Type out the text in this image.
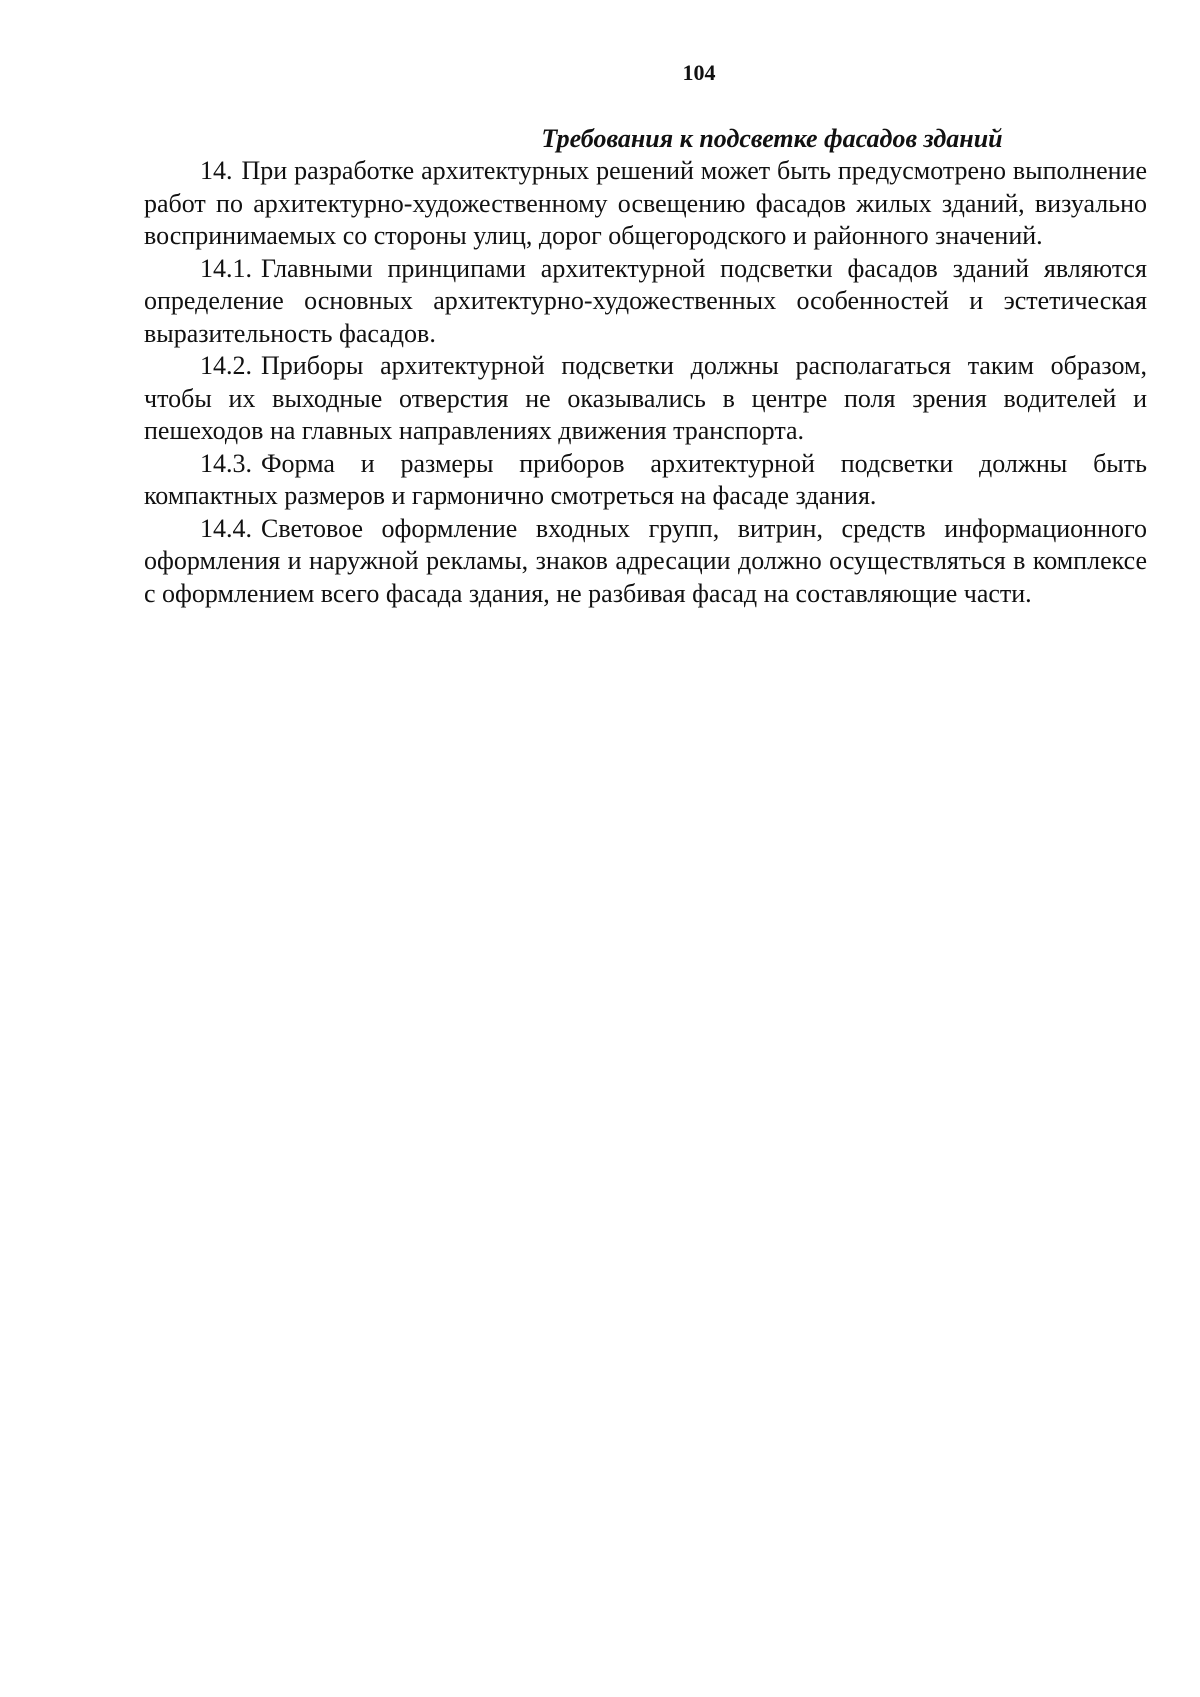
104
Требования к подсветке фасадов зданий

14. При разработке архитектурных решений может быть предусмотрено выполнение работ по архитектурно-художественному освещению фасадов жилых зданий, визуально воспринимаемых со стороны улиц, дорог общегородского и районного значений.

14.1. Главными принципами архитектурной подсветки фасадов зданий являются определение основных архитектурно-художественных особенностей и эстетическая выразительность фасадов.

14.2. Приборы архитектурной подсветки должны располагаться таким образом, чтобы их выходные отверстия не оказывались в центре поля зрения водителей и пешеходов на главных направлениях движения транспорта.

14.3. Форма и размеры приборов архитектурной подсветки должны быть компактных размеров и гармонично смотреться на фасаде здания.

14.4. Световое оформление входных групп, витрин, средств информационного оформления и наружной рекламы, знаков адресации должно осуществляться в комплексе с оформлением всего фасада здания, не разбивая фасад на составляющие части.
